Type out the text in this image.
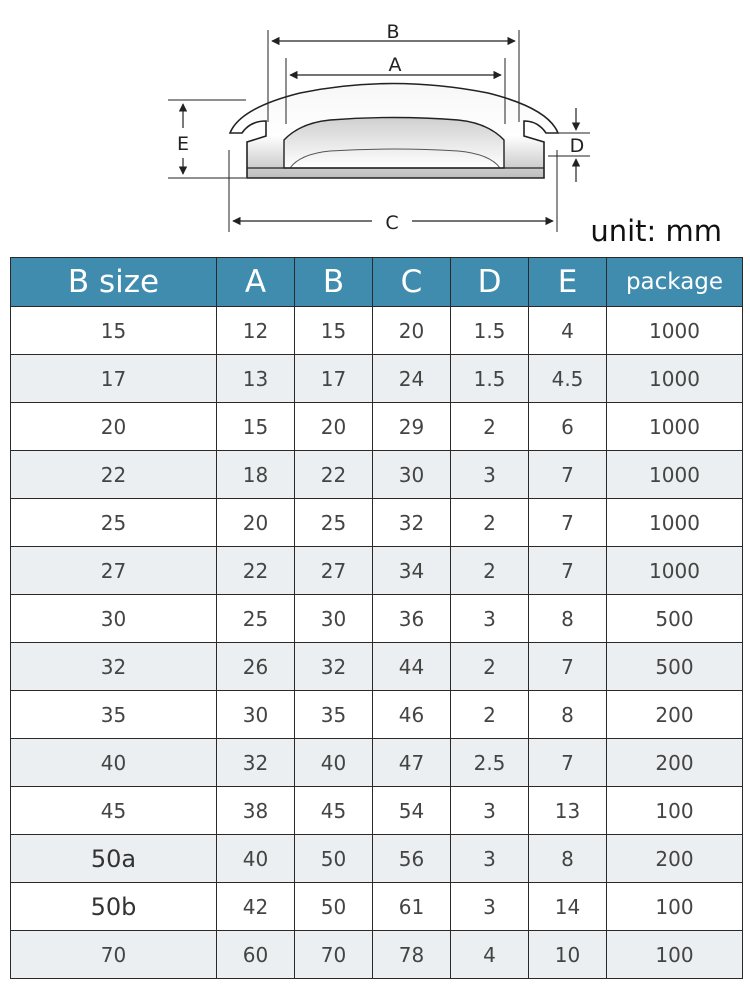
B
A
C
D
E
unit: mm
B size	A	B	C	D	E	package
15	12	15	20	1.5	4	1000
17	13	17	24	1.5	4.5	1000
20	15	20	29	2	6	1000
22	18	22	30	3	7	1000
25	20	25	32	2	7	1000
27	22	27	34	2	7	1000
30	25	30	36	3	8	500
32	26	32	44	2	7	500
35	30	35	46	2	8	200
40	32	40	47	2.5	7	200
45	38	45	54	3	13	100
50a	40	50	56	3	8	200
50b	42	50	61	3	14	100
70	60	70	78	4	10	100
